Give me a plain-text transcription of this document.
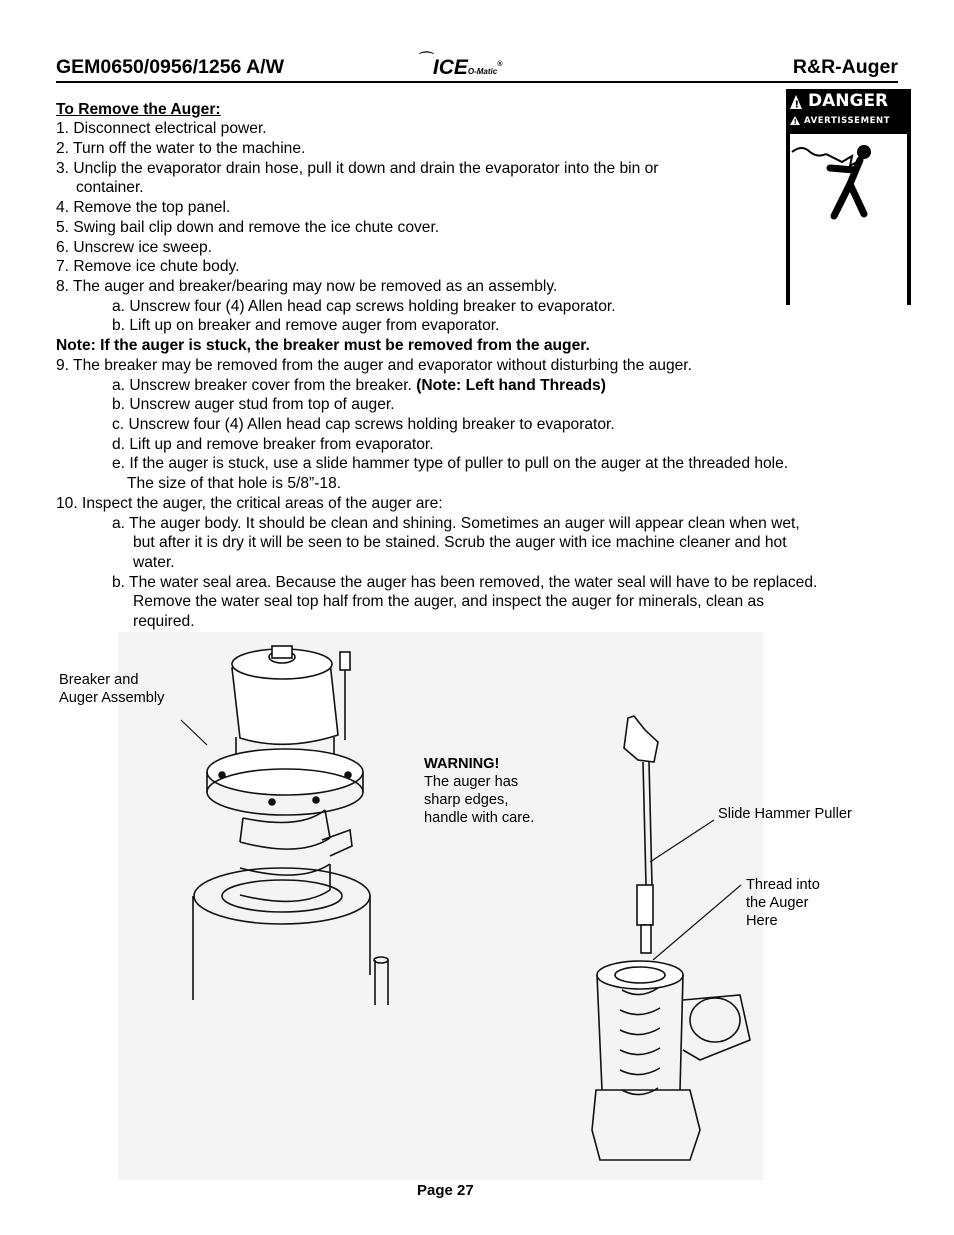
GEM0650/0956/1256 A/W	⁀ICEO-Matic®	R&R-Auger
!
!
DANGER
AVERTISSEMENT
Disconnect power
before servicing.
Deconnecter du
circuit d'alimentation
electrique avant
l'entretien.
To Remove the Auger:
1. Disconnect electrical power.
2. Turn off the water to the machine.
3. Unclip the evaporator drain hose, pull it down and drain the evaporator into the bin or
container.
4. Remove the top panel.
5. Swing bail clip down and remove the ice chute cover.
6. Unscrew ice sweep.
7. Remove ice chute body.
8. The auger and breaker/bearing may now be removed as an assembly.
a. Unscrew four (4) Allen head cap screws holding breaker to evaporator.
b. Lift up on breaker and remove auger from evaporator.
Note: If the auger is stuck, the breaker must be removed from the auger.
9. The breaker may be removed from the auger and evaporator without disturbing the auger.
a. Unscrew breaker cover from the breaker. (Note: Left hand Threads)
b. Unscrew auger stud from top of auger.
c. Unscrew four (4) Allen head cap screws holding breaker to evaporator.
d. Lift up and remove breaker from evaporator.
e. If the auger is stuck, use a slide hammer type of puller to pull on the auger at the threaded hole.
The size of that hole is 5/8”-18.
10. Inspect the auger, the critical areas of the auger are:
a. The auger body. It should be clean and shining. Sometimes an auger will appear clean when wet,
but after it is dry it will be seen to be stained. Scrub the auger with ice machine cleaner and hot
water.
b. The water seal area. Because the auger has been removed, the water seal will have to be replaced.
Remove the water seal top half from the auger, and inspect the auger for minerals, clean as
required.
Breaker and
Auger Assembly
WARNING!
The auger has
sharp edges,
handle with care.	Slide Hammer Puller
Thread into
the Auger
Here
Page 27
